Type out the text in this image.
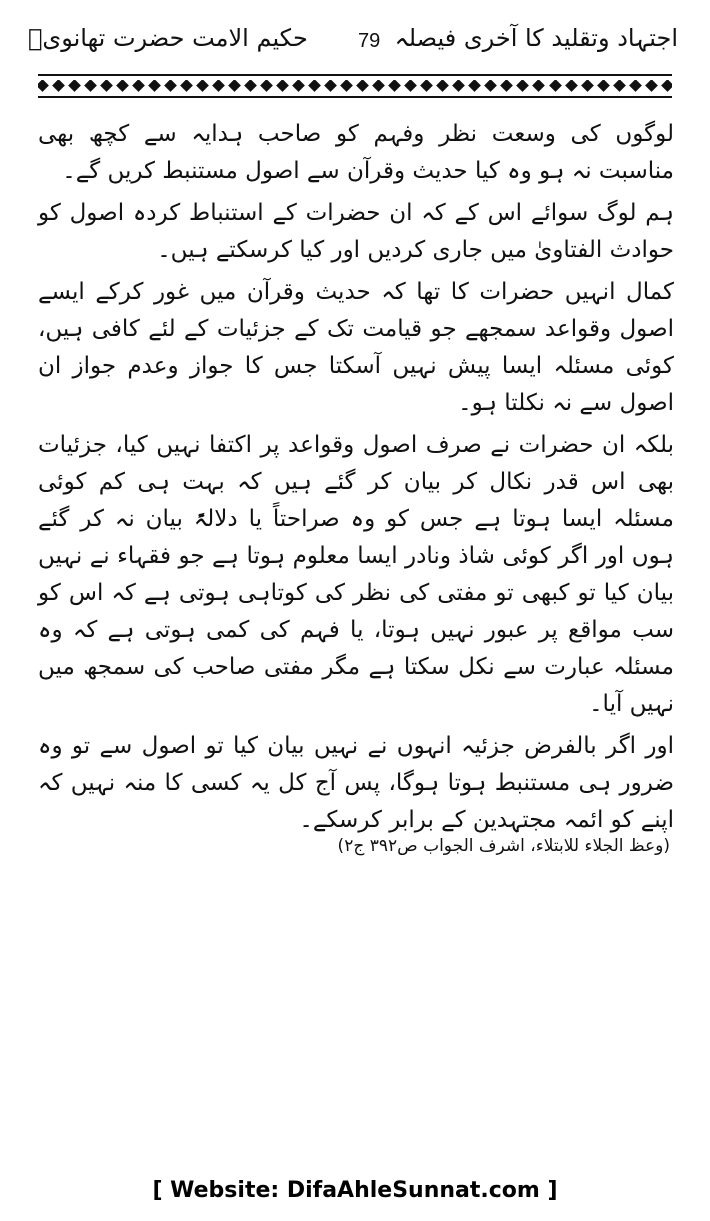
اجتہاد وتقلید کا آخری فیصلہ
79
حکیم الامت حضرت تھانویؒ

لوگوں کی وسعت نظر وفہم کو صاحب ہدایہ سے کچھ بھی مناسبت نہ ہو وہ کیا حدیث وقرآن سے اصول مستنبط کریں گے۔

ہم لوگ سوائے اس کے کہ ان حضرات کے استنباط کردہ اصول کو حوادث الفتاویٰ میں جاری کردیں اور کیا کرسکتے ہیں۔

کمال انہیں حضرات کا تھا کہ حدیث وقرآن میں غور کرکے ایسے اصول وقواعد سمجھے جو قیامت تک کے جزئیات کے لئے کافی ہیں، کوئی مسئلہ ایسا پیش نہیں آسکتا جس کا جواز وعدم جواز ان اصول سے نہ نکلتا ہو۔

بلکہ ان حضرات نے صرف اصول وقواعد پر اکتفا نہیں کیا، جزئیات بھی اس قدر نکال کر بیان کر گئے ہیں کہ بہت ہی کم کوئی مسئلہ ایسا ہوتا ہے جس کو وہ صراحتاً یا دلالۃً بیان نہ کر گئے ہوں اور اگر کوئی شاذ ونادر ایسا معلوم ہوتا ہے جو فقہاء نے نہیں بیان کیا تو کبھی تو مفتی کی نظر کی کوتاہی ہوتی ہے کہ اس کو سب مواقع پر عبور نہیں ہوتا، یا فہم کی کمی ہوتی ہے کہ وہ مسئلہ عبارت سے نکل سکتا ہے مگر مفتی صاحب کی سمجھ میں نہیں آیا۔

اور اگر بالفرض جزئیہ انہوں نے نہیں بیان کیا تو اصول سے تو وہ ضرور ہی مستنبط ہوتا ہوگا، پس آج کل یہ کسی کا منہ نہیں کہ اپنے کو ائمہ مجتہدین کے برابر کرسکے۔

(وعظ الجلاء للابتلاء، اشرف الجواب ص۳۹۲ ج۲)
[ Website: DifaAhleSunnat.com ]
